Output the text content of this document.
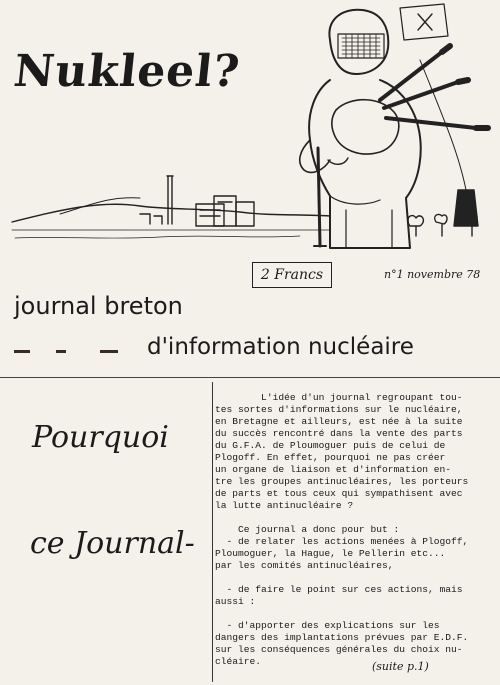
Nukleel?
2 Francs	n°1 novembre 78
journal breton
d'information nucléaire
Pourquoi
ce Journal-
L'idée d'un journal regroupant tou-
tes sortes d'informations sur le nucléaire,
en Bretagne et ailleurs, est née à la suite
du succès rencontré dans la vente des parts
du G.F.A. de Ploumoguer puis de celui de
Plogoff. En effet, pourquoi ne pas créer
un organe de liaison et d'information en-
tre les groupes antinucléaires, les porteurs
de parts et tous ceux qui sympathisent avec
la lutte antinucléaire ?
Ce journal a donc pour but :
- de relater les actions menées à Plogoff,
Ploumoguer, la Hague, le Pellerin etc...
par les comités antinucléaires,
- de faire le point sur ces actions, mais
aussi :
- d'apporter des explications sur les
dangers des implantations prévues par E.D.F.
sur les conséquences générales du choix nu-
cléaire.	(suite p.1)
